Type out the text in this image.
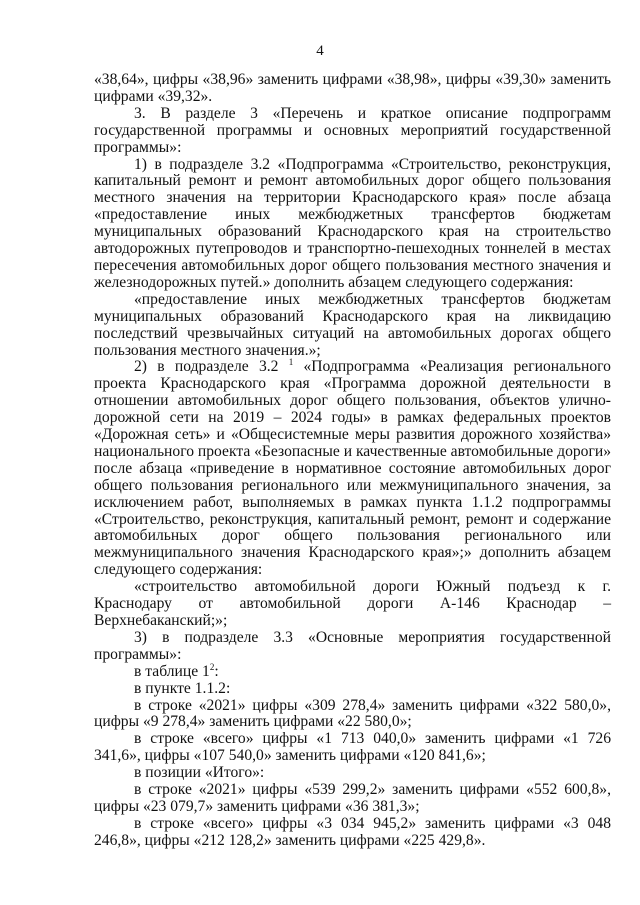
4

«38,64», цифры «38,96» заменить цифрами «38,98», цифры «39,30» заменить цифрами «39,32».

3. В разделе 3 «Перечень и краткое описание подпрограмм государственной программы и основных мероприятий государственной программы»:

1) в подразделе 3.2 «Подпрограмма «Строительство, реконструкция, капитальный ремонт и ремонт автомобильных дорог общего пользования местного значения на территории Краснодарского края» после абзаца «предоставление иных межбюджетных трансфертов бюджетам муниципальных образований Краснодарского края на строительство автодорожных путепроводов и транспортно-пешеходных тоннелей в местах пересечения автомобильных дорог общего пользования местного значения и железнодорожных путей.» дополнить абзацем следующего содержания:

«предоставление иных межбюджетных трансфертов бюджетам муниципальных образований Краснодарского края на ликвидацию последствий чрезвычайных ситуаций на автомобильных дорогах общего пользования местного значения.»;

2) в подразделе 3.2 $^1$ «Подпрограмма «Реализация регионального проекта Краснодарского края «Программа дорожной деятельности в отношении автомобильных дорог общего пользования, объектов улично-дорожной сети на 2019 – 2024 годы» в рамках федеральных проектов «Дорожная сеть» и «Общесистемные меры развития дорожного хозяйства» национального проекта «Безопасные и качественные автомобильные дороги» после абзаца «приведение в нормативное состояние автомобильных дорог общего пользования регионального или межмуниципального значения, за исключением работ, выполняемых в рамках пункта 1.1.2 подпрограммы «Строительство, реконструкция, капитальный ремонт, ремонт и содержание автомобильных дорог общего пользования регионального или межмуниципального значения Краснодарского края»;» дополнить абзацем следующего содержания:

«строительство автомобильной дороги Южный подъезд к г. Краснодару от автомобильной дороги А-146 Краснодар – Верхнебаканский;»;

3) в подразделе 3.3 «Основные мероприятия государственной программы»:

в таблице $1^2$:

в пункте 1.1.2:

в строке «2021» цифры «309 278,4» заменить цифрами «322 580,0», цифры «9 278,4» заменить цифрами «22 580,0»;

в строке «всего» цифры «1 713 040,0» заменить цифрами «1 726 341,6», цифры «107 540,0» заменить цифрами «120 841,6»;

в позиции «Итого»:

в строке «2021» цифры «539 299,2» заменить цифрами «552 600,8», цифры «23 079,7» заменить цифрами «36 381,3»;

в строке «всего» цифры «3 034 945,2» заменить цифрами «3 048 246,8», цифры «212 128,2» заменить цифрами «225 429,8».
